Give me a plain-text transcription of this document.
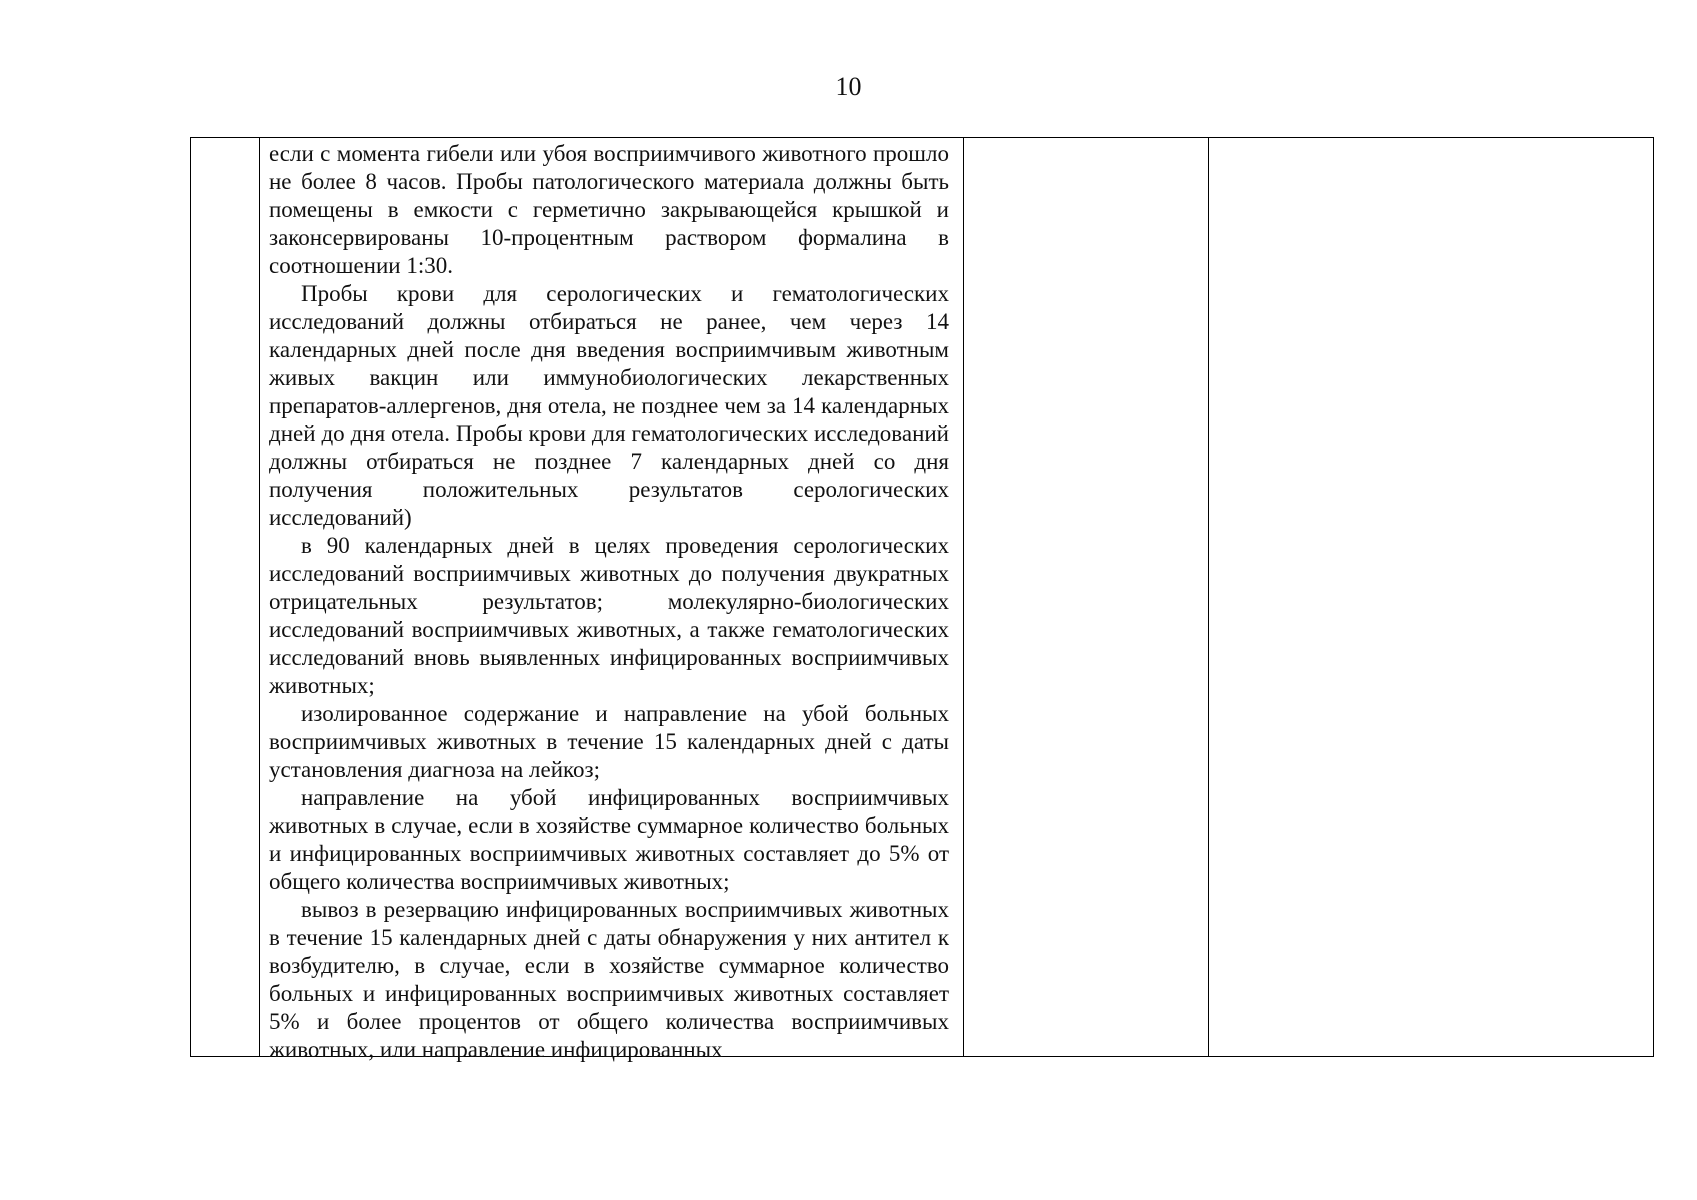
10

если с момента гибели или убоя восприимчивого животного прошло не более 8 часов. Пробы патологического материала должны быть помещены в емкости с герметично закрывающейся крышкой и законсервированы 10-процентным раствором формалина в соотношении 1:30.

Пробы крови для серологических и гематологических исследований должны отбираться не ранее, чем через 14 календарных дней после дня введения восприимчивым животным живых вакцин или иммунобиологических лекарственных препаратов-аллергенов, дня отела, не позднее чем за 14 календарных дней до дня отела. Пробы крови для гематологических исследований должны отбираться не позднее 7 календарных дней со дня получения положительных результатов серологических исследований)

в 90 календарных дней в целях проведения серологических исследований восприимчивых животных до получения двукратных отрицательных результатов; молекулярно-биологических исследований восприимчивых животных, а также гематологических исследований вновь выявленных инфицированных восприимчивых животных;

изолированное содержание и направление на убой больных восприимчивых животных в течение 15 календарных дней с даты установления диагноза на лейкоз;

направление на убой инфицированных восприимчивых животных в случае, если в хозяйстве суммарное количество больных и инфицированных восприимчивых животных составляет до 5% от общего количества восприимчивых животных;

вывоз в резервацию инфицированных восприимчивых животных в течение 15 календарных дней с даты обнаружения у них антител к возбудителю, в случае, если в хозяйстве суммарное количество больных и инфицированных восприимчивых животных составляет 5% и более процентов от общего количества восприимчивых животных, или направление инфицированных
